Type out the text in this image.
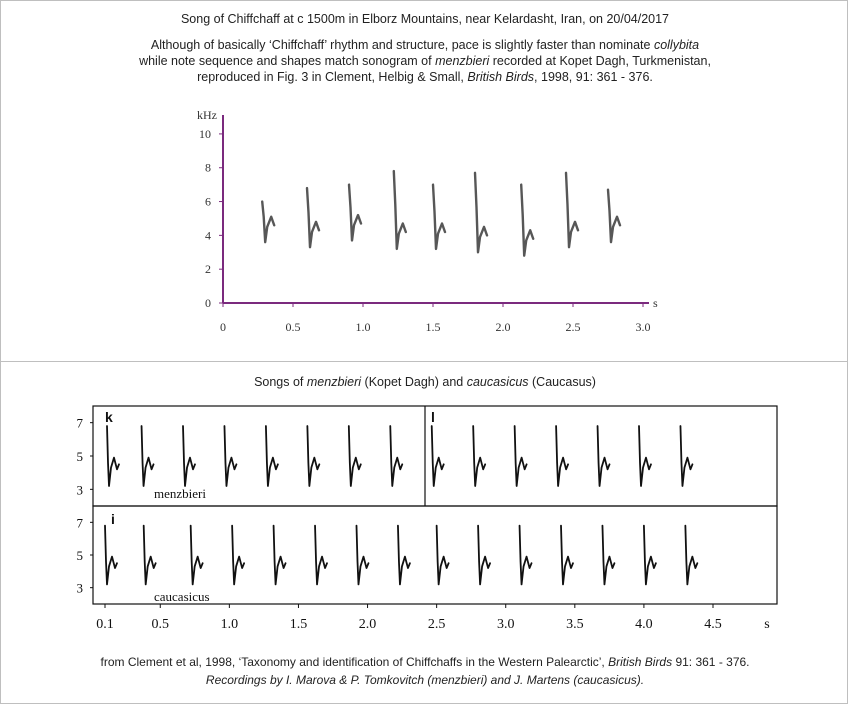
Song of Chiffchaff at c 1500m in Elborz Mountains, near Kelardasht, Iran, on 20/04/2017
Although of basically ‘Chiffchaff’ rhythm and structure, pace is slightly faster than nominate collybita
while note sequence and shapes match sonogram of menzbieri recorded at Kopet Dagh, Turkmenistan,
reproduced in Fig. 3 in Clement, Helbig & Small, British Birds, 1998, 91: 361 - 376.
0
2
4
6
8
10
kHz
0	0.5	1.0	1.5	2.0	2.5	3.0
s
Songs of menzbieri (Kopet Dagh) and caucasicus (Caucasus)
7
5
3
7
5
3
k	l
i
menzbieri
caucasicus
0.1	0.5	1.0	1.5	2.0	2.5	3.0	3.5	4.0	4.5	s
from Clement et al, 1998, ‘Taxonomy and identification of Chiffchaffs in the Western Palearctic’, British Birds 91: 361 - 376.
Recordings by I. Marova & P. Tomkovitch (menzbieri) and J. Martens (caucasicus).
